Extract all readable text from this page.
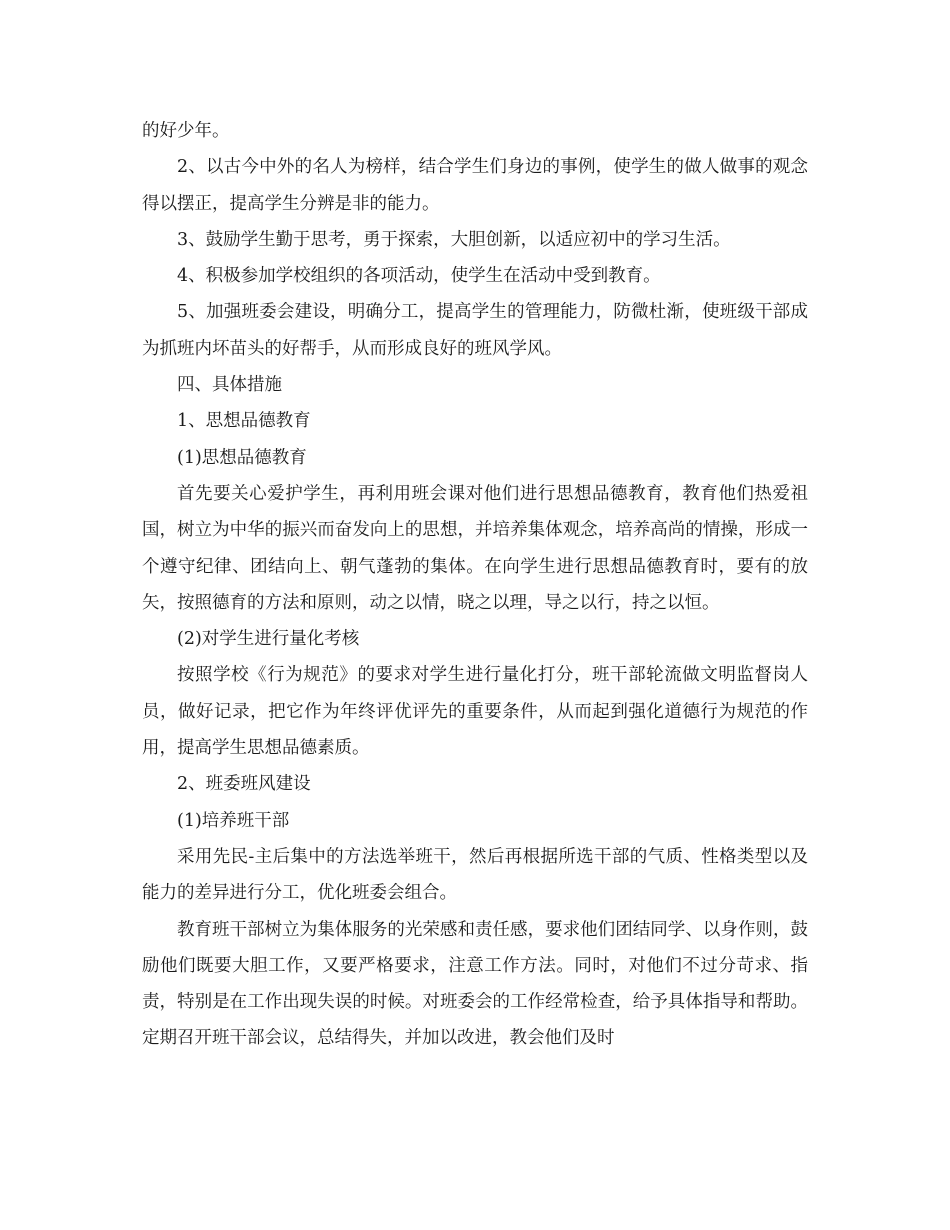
的好少年。

2、以古今中外的名人为榜样，结合学生们身边的事例，使学生的做人做事的观念得以摆正，提高学生分辨是非的能力。

3、鼓励学生勤于思考，勇于探索，大胆创新，以适应初中的学习生活。

4、积极参加学校组织的各项活动，使学生在活动中受到教育。

5、加强班委会建设，明确分工，提高学生的管理能力，防微杜渐，使班级干部成为抓班内坏苗头的好帮手，从而形成良好的班风学风。

四、具体措施

1、思想品德教育

(1)思想品德教育

首先要关心爱护学生，再利用班会课对他们进行思想品德教育，教育他们热爱祖国，树立为中华的振兴而奋发向上的思想，并培养集体观念，培养高尚的情操，形成一个遵守纪律、团结向上、朝气蓬勃的集体。在向学生进行思想品德教育时，要有的放矢，按照德育的方法和原则，动之以情，晓之以理，导之以行，持之以恒。

(2)对学生进行量化考核

按照学校《行为规范》的要求对学生进行量化打分，班干部轮流做文明监督岗人员，做好记录，把它作为年终评优评先的重要条件，从而起到强化道德行为规范的作用，提高学生思想品德素质。

2、班委班风建设

(1)培养班干部

采用先民-主后集中的方法选举班干，然后再根据所选干部的气质、性格类型以及能力的差异进行分工，优化班委会组合。

教育班干部树立为集体服务的光荣感和责任感，要求他们团结同学、以身作则，鼓励他们既要大胆工作，又要严格要求，注意工作方法。同时，对他们不过分苛求、指责，特别是在工作出现失误的时候。对班委会的工作经常检查，给予具体指导和帮助。定期召开班干部会议，总结得失，并加以改进，教会他们及时
